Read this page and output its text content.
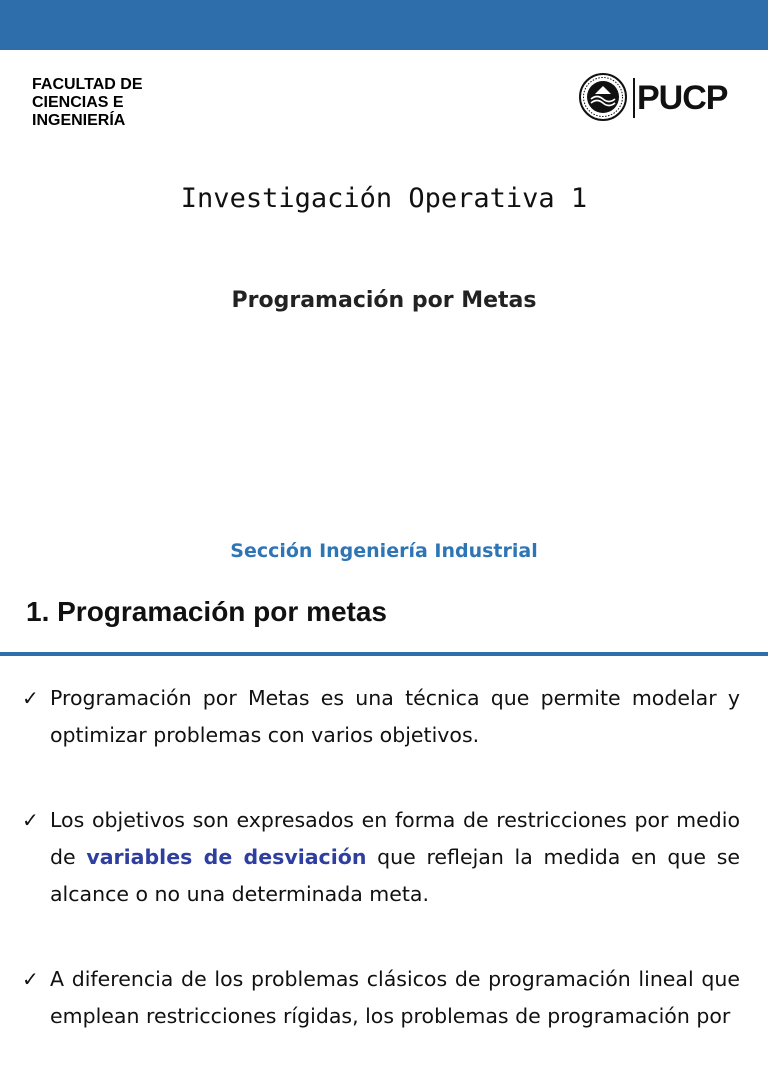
FACULTAD DE
CIENCIAS E
INGENIERÍA
PUCP
Investigación Operativa 1
Programación por Metas
Sección Ingeniería Industrial
1. Programación por metas
✓ Programación por Metas es una técnica que permite modelar y optimizar problemas con varios objetivos.
✓ Los objetivos son expresados en forma de restricciones por medio de variables de desviación que reflejan la medida en que se alcance o no una determinada meta.
✓ A diferencia de los problemas clásicos de programación lineal que emplean restricciones rígidas, los problemas de programación por
